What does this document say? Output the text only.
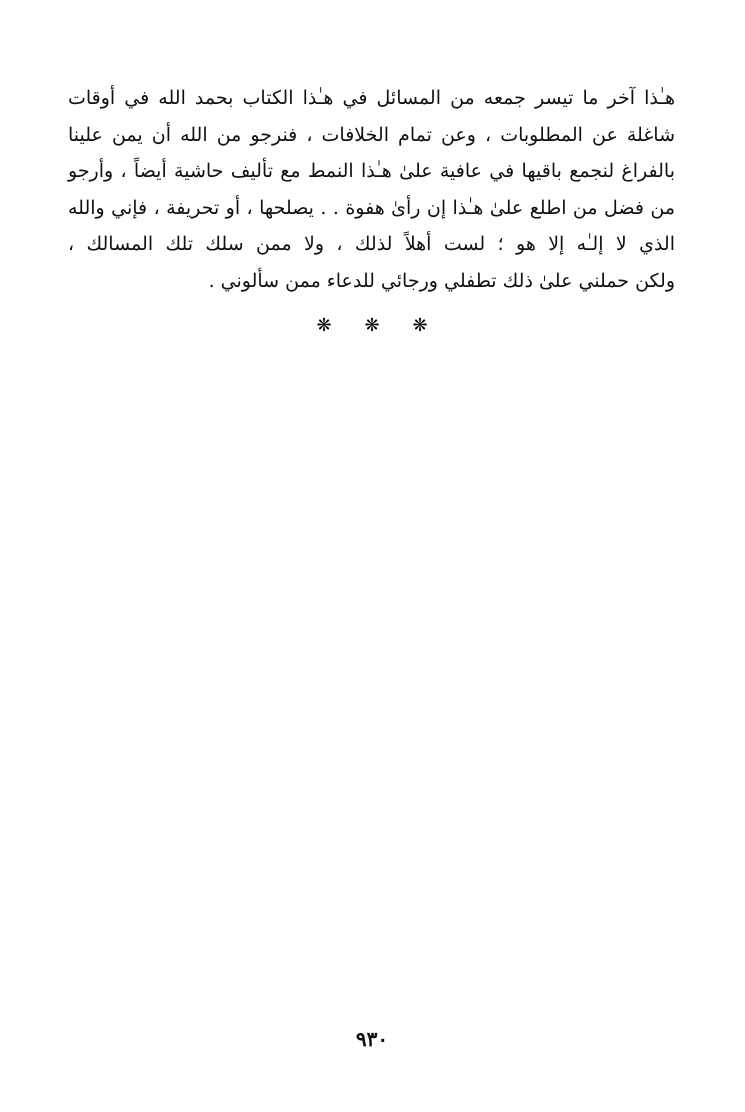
هـٰذا آخر ما تيسر جمعه من المسائل في هـٰذا الكتاب بحمد الله في أوقات
شاغلة عن المطلوبات ، وعن تمام الخلافات ، فنرجو من الله أن يمن علينا
بالفراغ لنجمع باقيها في عافية علىٰ هـٰذا النمط مع تأليف حاشية أيضاً ، وأرجو
من فضل من اطلع علىٰ هـٰذا إن رأىٰ هفوة . . يصلحها ، أو تحريفة ، فإني والله
الذي لا إلـٰه إلا هو ؛ لست أهلاً لذلك ، ولا ممن سلك تلك المسالك ،
ولكن حملني علىٰ ذلك تطفلي ورجائي للدعاء ممن سألوني .
❋ ❋ ❋
٩٣٠
